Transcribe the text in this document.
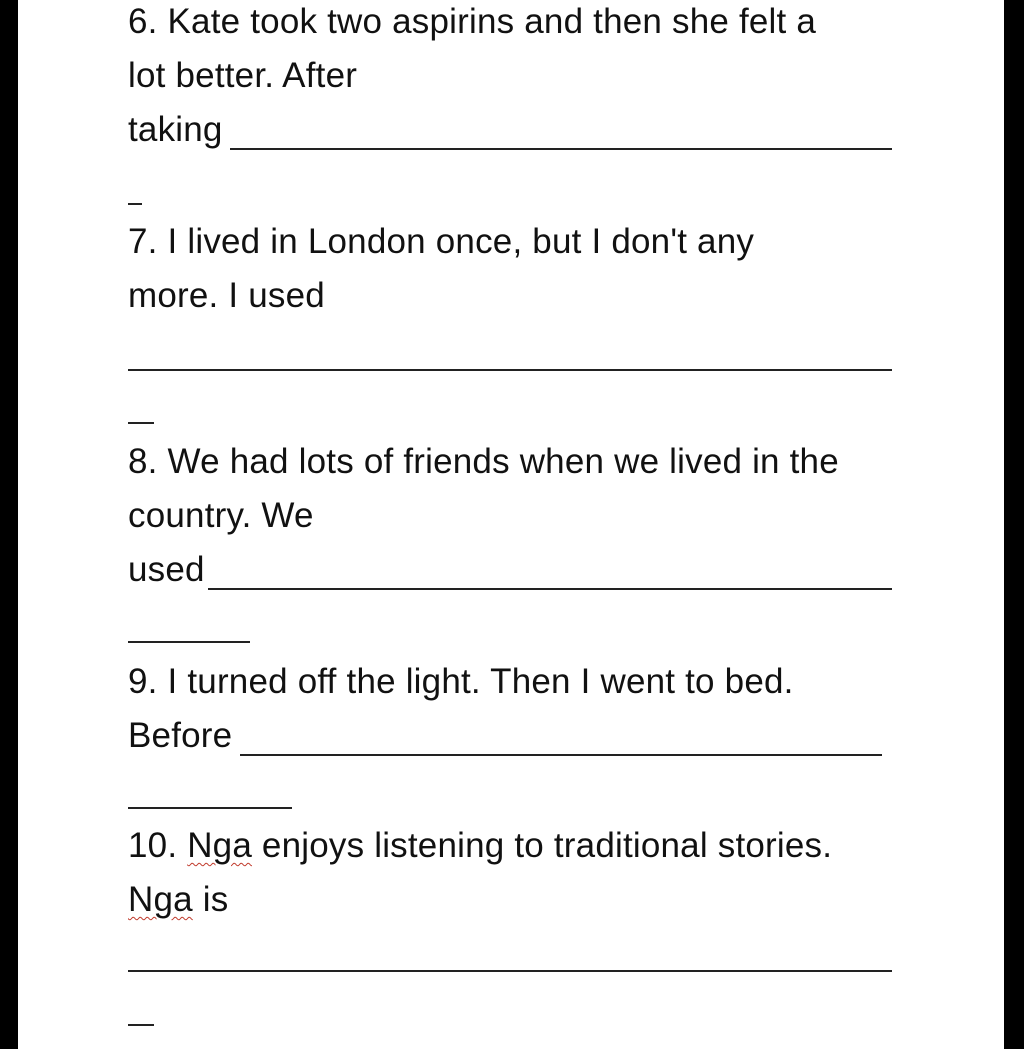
6. Kate took two aspirins and then she felt a
lot better. After
taking
7. I lived in London once, but I don't any
more. I used
8. We had lots of friends when we lived in the
country. We
used
9. I turned off the light. Then I went to bed.
Before
10. Nga enjoys listening to traditional stories.
Nga is
